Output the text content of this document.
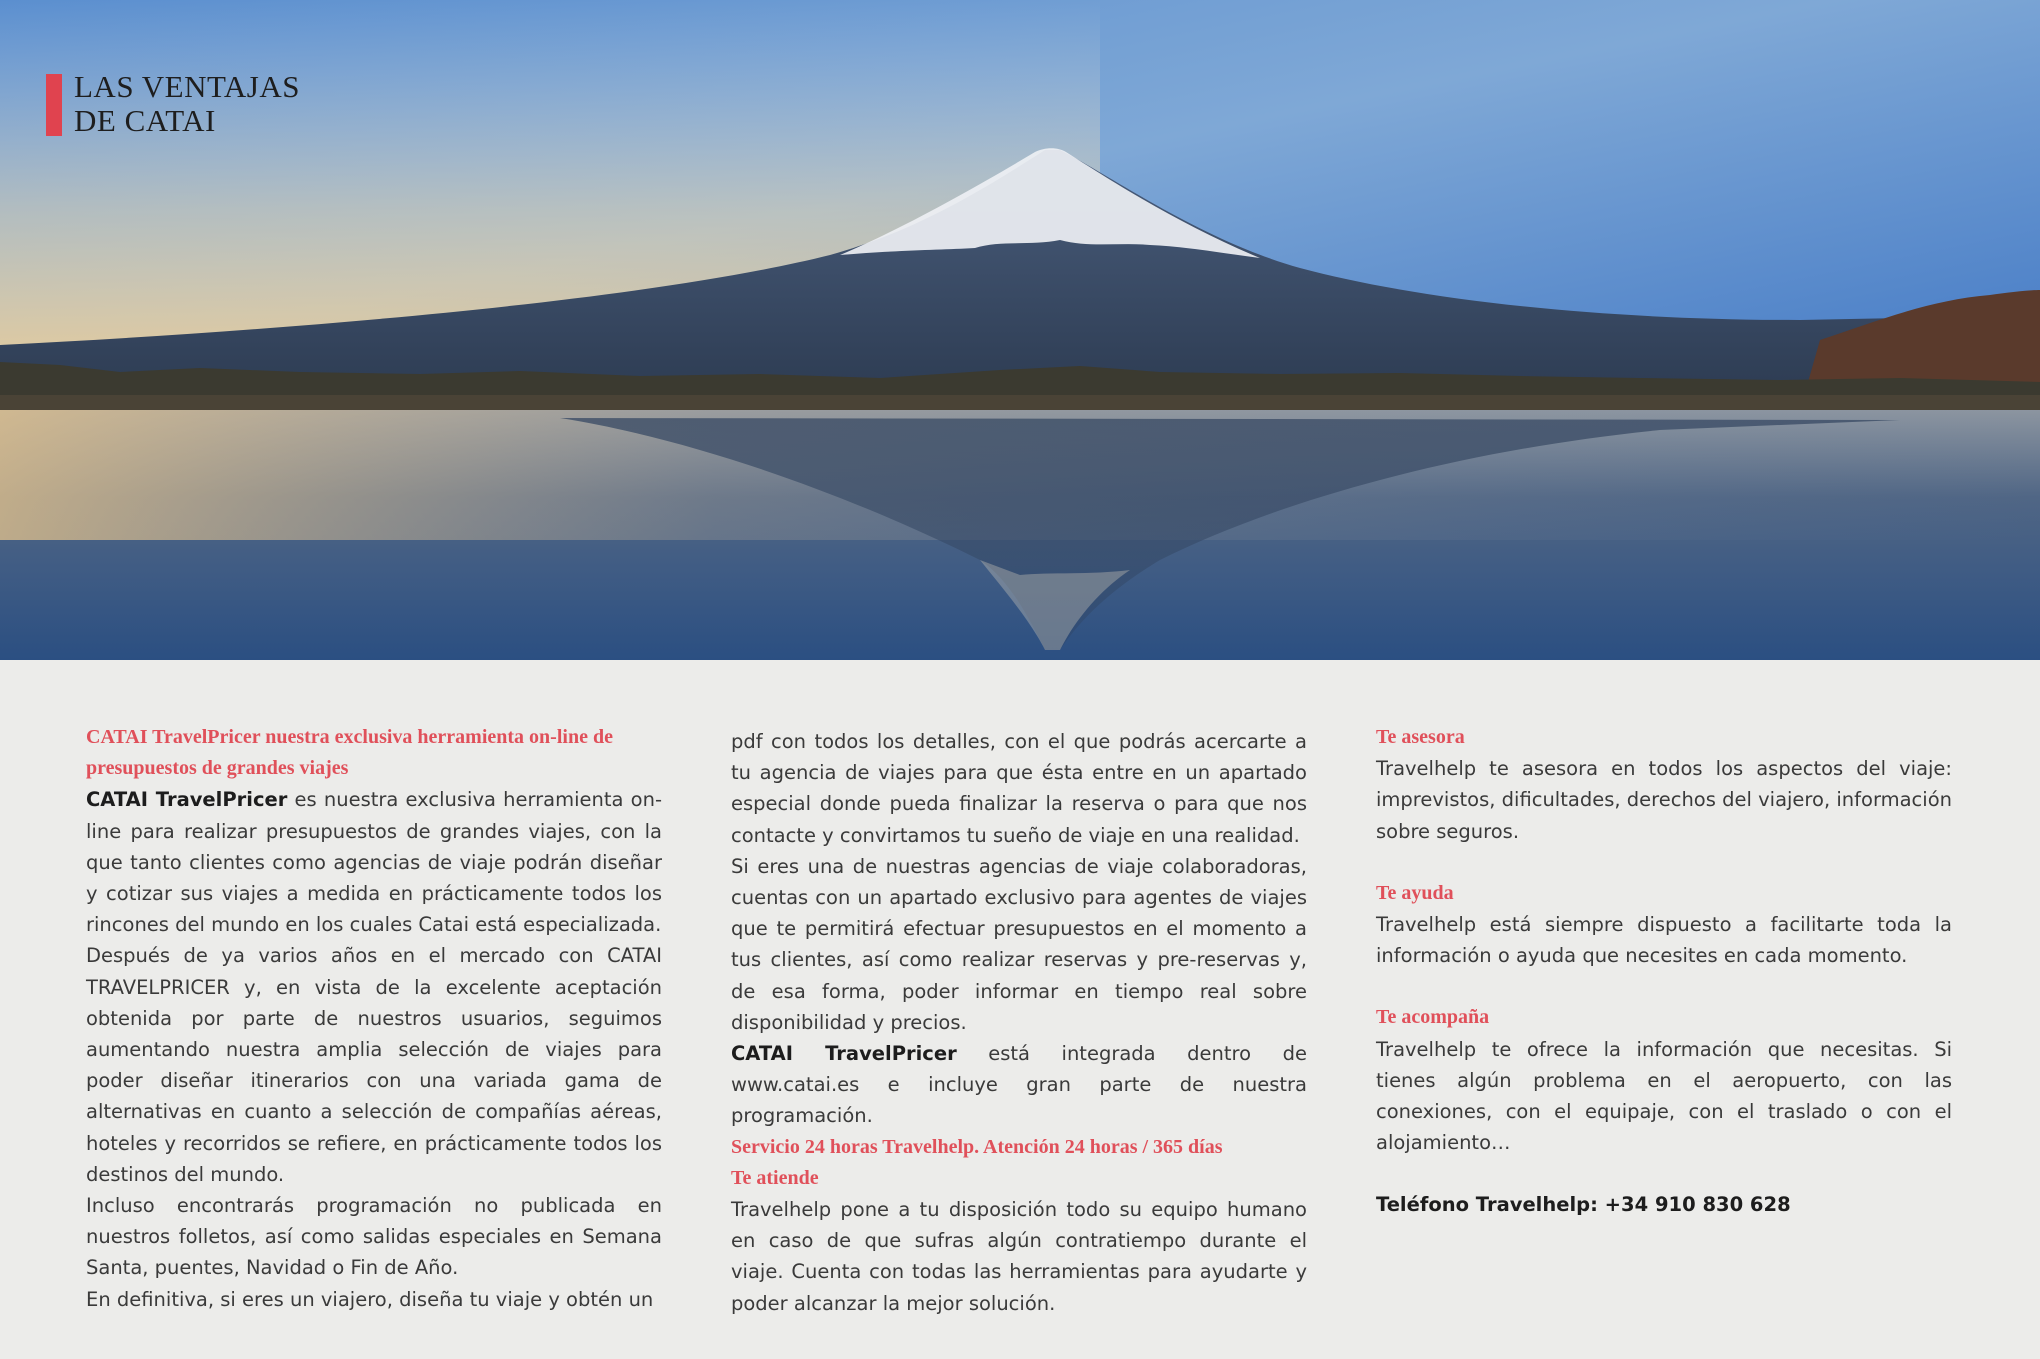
LAS VENTAJAS
DE CATAI
CATAI TravelPricer nuestra exclusiva herramienta on-line de presupuestos de grandes viajes
CATAI TravelPricer es nuestra exclusiva herramienta on-line para realizar presupuestos de grandes viajes, con la que tanto clientes como agencias de viaje podrán diseñar y cotizar sus viajes a medida en prácticamente todos los rincones del mundo en los cuales Catai está especializada.
Después de ya varios años en el mercado con CATAI TRAVELPRICER y, en vista de la excelente aceptación obtenida por parte de nuestros usuarios, seguimos aumentando nuestra amplia selección de viajes para poder diseñar itinerarios con una variada gama de alternativas en cuanto a selección de compañías aéreas, hoteles y recorridos se refiere, en prácticamente todos los destinos del mundo.
Incluso encontrarás programación no publicada en nuestros folletos, así como salidas especiales en Semana Santa, puentes, Navidad o Fin de Año.
En definitiva, si eres un viajero, diseña tu viaje y obtén un
pdf con todos los detalles, con el que podrás acercarte a tu agencia de viajes para que ésta entre en un apartado especial donde pueda finalizar la reserva o para que nos contacte y convirtamos tu sueño de viaje en una realidad.
Si eres una de nuestras agencias de viaje colaboradoras, cuentas con un apartado exclusivo para agentes de viajes que te permitirá efectuar presupuestos en el momento a tus clientes, así como realizar reservas y pre-reservas y, de esa forma, poder informar en tiempo real sobre disponibilidad y precios.
CATAI TravelPricer está integrada dentro de www.catai.es e incluye gran parte de nuestra programación.
Servicio 24 horas Travelhelp. Atención 24 horas / 365 días
Te atiende
Travelhelp pone a tu disposición todo su equipo humano en caso de que sufras algún contratiempo durante el viaje. Cuenta con todas las herramientas para ayudarte y poder alcanzar la mejor solución.
Te asesora
Travelhelp te asesora en todos los aspectos del viaje: imprevistos, dificultades, derechos del viajero, información sobre seguros.
Te ayuda
Travelhelp está siempre dispuesto a facilitarte toda la información o ayuda que necesites en cada momento.
Te acompaña
Travelhelp te ofrece la información que necesitas. Si tienes algún problema en el aeropuerto, con las conexiones, con el equipaje, con el traslado o con el alojamiento…
Teléfono Travelhelp: +34 910 830 628
